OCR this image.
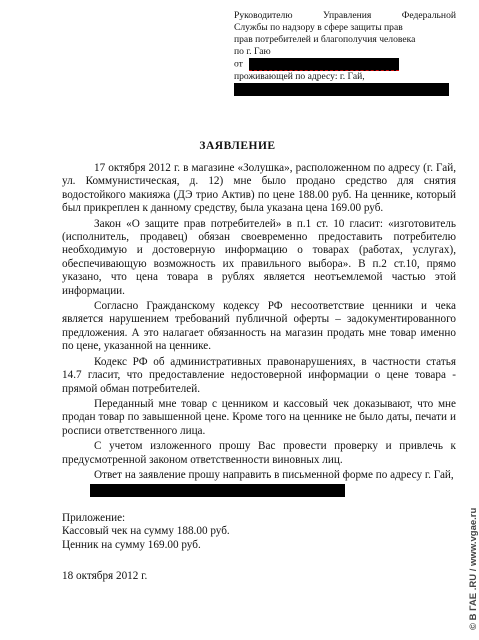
Руководителю Управления Федеральной
Службы по надзору в сфере защиты прав
прав потребителей и благополучия человека
по г. Гаю
от
проживающей по адресу: г. Гай,
ЗАЯВЛЕНИЕ

17 октября 2012 г. в магазине «Золушка», расположенном по адресу (г. Гай, ул. Коммунистическая, д. 12) мне было продано средство для снятия водостойкого макияжа (ДЭ трио Актив) по цене 188.00 руб. На ценнике, который был прикреплен к данному средству, была указана цена 169.00 руб.

Закон «О защите прав потребителей» в п.1 ст. 10 гласит: «изготовитель (исполнитель, продавец) обязан своевременно предоставить потребителю необходимую и достоверную информацию о товарах (работах, услугах), обеспечивающую возможность их правильного выбора». В п.2 ст.10, прямо указано, что цена товара в рублях является неотъемлемой частью этой информации.

Согласно Гражданскому кодексу РФ несоответствие ценники и чека является нарушением требований публичной оферты – задокументированного предложения. А это налагает обязанность на магазин продать мне товар именно по цене, указанной на ценнике.

Кодекс РФ об административных правонарушениях, в частности статья 14.7 гласит, что предоставление недостоверной информации о цене товара - прямой обман потребителей.

Переданный мне товар с ценником и кассовый чек доказывают, что мне продан товар по завышенной цене. Кроме того на ценнике не было даты, печати и росписи ответственного лица.

С учетом изложенного прошу Вас провести проверку и привлечь к предусмотренной законом ответственности виновных лиц.

Ответ на заявление прошу направить в письменной форме по адресу г. Гай,

Приложение:
Кассовый чек на сумму 188.00 руб.
Ценник на сумму 169.00 руб.
18 октября 2012 г.	© В ГАЕ .RU / www.vgae.ru
